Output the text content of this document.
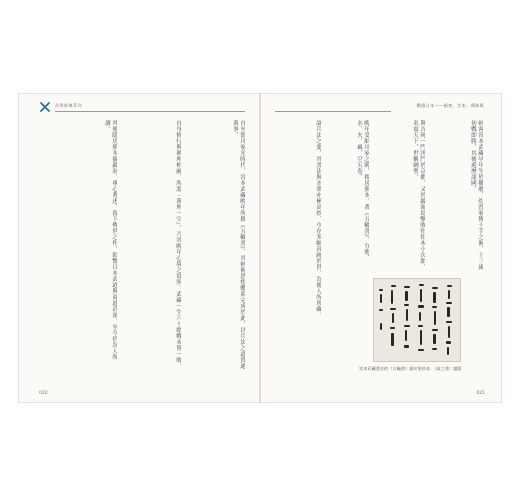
武學經典系列
其後隱居熊本靈巖洞，專心著述，留下傳世之作，影響日本武道與商道甚深，至今仍為人所讀。	自身修行與禪理相融，所謂「萬理一空」，乃其晚年心境之寫照。武藏一生六十餘戰未嘗一敗，	自至德川家光時代，宮本武藏晚年所撰《五輪書》，其劍術思想體系完成於此，以兵法之道貫通萬事，
020
戰國日本——劍豪、宮本、禪修與
論兵法之要，其書法與水墨亦極高妙，今存多幅真跡於世，為後人所珍藏。	晚年受細川家之聘，移居熊本，著《五輪書》，分地、水、火、風、空五卷，	與吉岡一門決鬥於京都，又於巖流島擊敗佐佐木小次郎，名震天下，世稱劍聖。	劍客宮本武藏早年生於播磨，幼習家傳十手之術，十三歲初戰即勝，其後遊歷諸國，
宮本武藏書法的《五輪書》細川家抄本．（取之書）題跋
021
